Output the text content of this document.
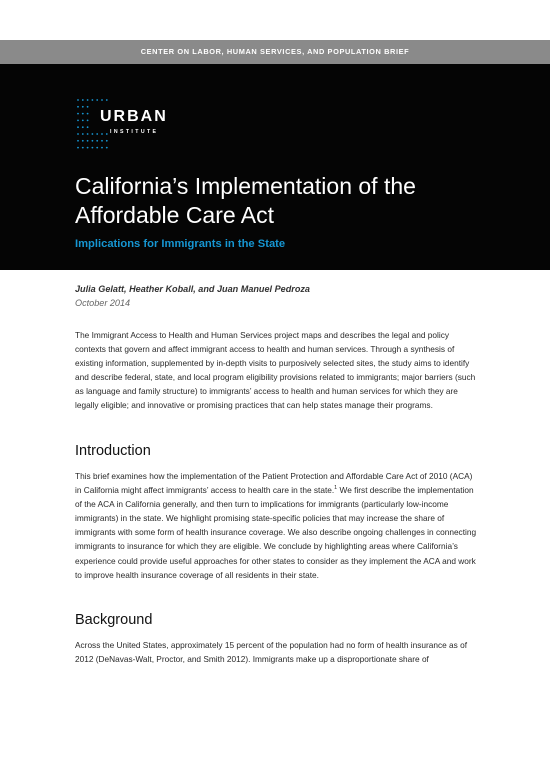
CENTER ON LABOR, HUMAN SERVICES, AND POPULATION BRIEF
URBAN
INSTITUTE
California’s Implementation of the Affordable Care Act
Implications for Immigrants in the State
Julia Gelatt, Heather Koball, and Juan Manuel Pedroza
October 2014

The Immigrant Access to Health and Human Services project maps and describes the legal and policy contexts that govern and affect immigrant access to health and human services. Through a synthesis of existing information, supplemented by in-depth visits to purposively selected sites, the study aims to identify and describe federal, state, and local program eligibility provisions related to immigrants; major barriers (such as language and family structure) to immigrants’ access to health and human services for which they are legally eligible; and innovative or promising practices that can help states manage their programs.

Introduction

This brief examines how the implementation of the Patient Protection and Affordable Care Act of 2010 (ACA) in California might affect immigrants’ access to health care in the state.$^1$ We first describe the implementation of the ACA in California generally, and then turn to implications for immigrants (particularly low-income immigrants) in the state. We highlight promising state-specific policies that may increase the share of immigrants with some form of health insurance coverage. We also describe ongoing challenges in connecting immigrants to insurance for which they are eligible. We conclude by highlighting areas where California’s experience could provide useful approaches for other states to consider as they implement the ACA and work to improve health insurance coverage of all residents in their state.

Background

Across the United States, approximately 15 percent of the population had no form of health insurance as of 2012 (DeNavas-Walt, Proctor, and Smith 2012). Immigrants make up a disproportionate share of
